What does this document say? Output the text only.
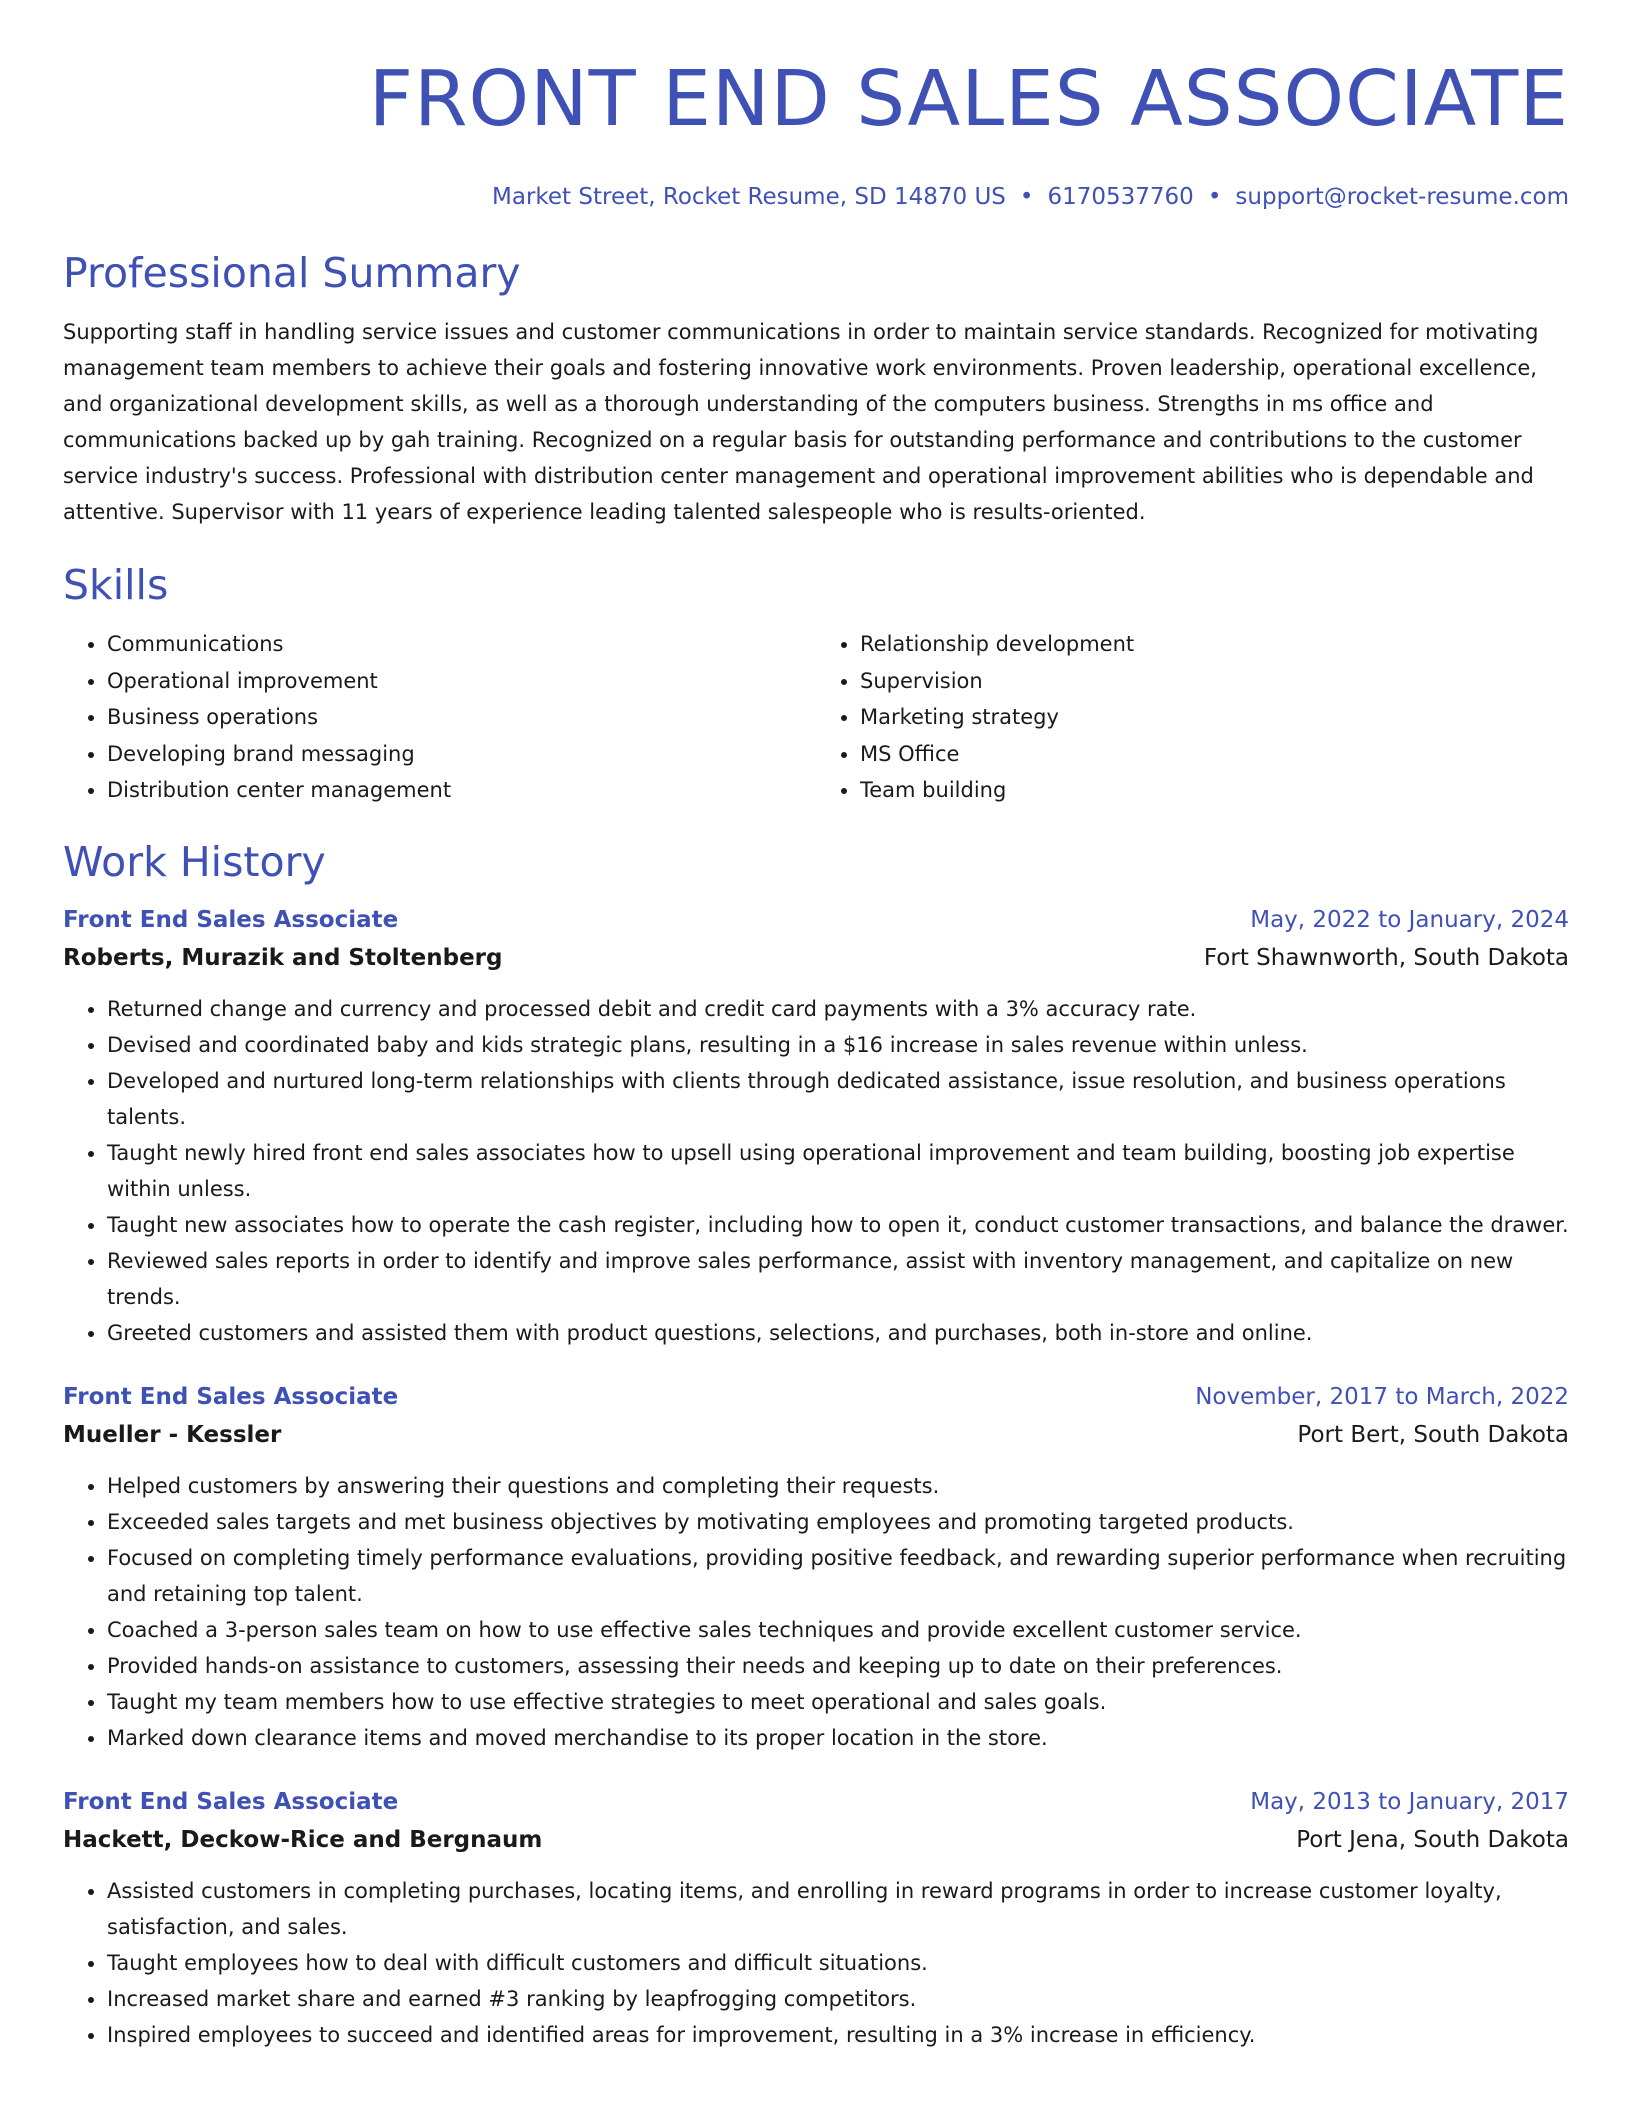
FRONT END SALES ASSOCIATE
Market Street, Rocket Resume, SD 14870 US • 6170537760 • support@rocket-resume.com
Professional Summary
Supporting staff in handling service issues and customer communications in order to maintain service standards. Recognized for motivating management team members to achieve their goals and fostering innovative work environments. Proven leadership, operational excellence, and organizational development skills, as well as a thorough understanding of the computers business. Strengths in ms office and communications backed up by gah training. Recognized on a regular basis for outstanding performance and contributions to the customer service industry's success. Professional with distribution center management and operational improvement abilities who is dependable and attentive. Supervisor with 11 years of experience leading talented salespeople who is results-oriented.
Skills
• Communications
• Operational improvement
• Business operations
• Developing brand messaging
• Distribution center management
• Relationship development
• Supervision
• Marketing strategy
• MS Office
• Team building
Work History
Front End Sales Associate	May, 2022 to January, 2024
Roberts, Murazik and Stoltenberg	Fort Shawnworth, South Dakota
• Returned change and currency and processed debit and credit card payments with a 3% accuracy rate.
• Devised and coordinated baby and kids strategic plans, resulting in a $16 increase in sales revenue within unless.
• Developed and nurtured long-term relationships with clients through dedicated assistance, issue resolution, and business operations talents.
• Taught newly hired front end sales associates how to upsell using operational improvement and team building, boosting job expertise within unless.
• Taught new associates how to operate the cash register, including how to open it, conduct customer transactions, and balance the drawer.
• Reviewed sales reports in order to identify and improve sales performance, assist with inventory management, and capitalize on new trends.
• Greeted customers and assisted them with product questions, selections, and purchases, both in-store and online.
Front End Sales Associate	November, 2017 to March, 2022
Mueller - Kessler	Port Bert, South Dakota
• Helped customers by answering their questions and completing their requests.
• Exceeded sales targets and met business objectives by motivating employees and promoting targeted products.
• Focused on completing timely performance evaluations, providing positive feedback, and rewarding superior performance when recruiting and retaining top talent.
• Coached a 3-person sales team on how to use effective sales techniques and provide excellent customer service.
• Provided hands-on assistance to customers, assessing their needs and keeping up to date on their preferences.
• Taught my team members how to use effective strategies to meet operational and sales goals.
• Marked down clearance items and moved merchandise to its proper location in the store.
Front End Sales Associate	May, 2013 to January, 2017
Hackett, Deckow-Rice and Bergnaum	Port Jena, South Dakota
• Assisted customers in completing purchases, locating items, and enrolling in reward programs in order to increase customer loyalty, satisfaction, and sales.
• Taught employees how to deal with difficult customers and difficult situations.
• Increased market share and earned #3 ranking by leapfrogging competitors.
• Inspired employees to succeed and identified areas for improvement, resulting in a 3% increase in efficiency.
